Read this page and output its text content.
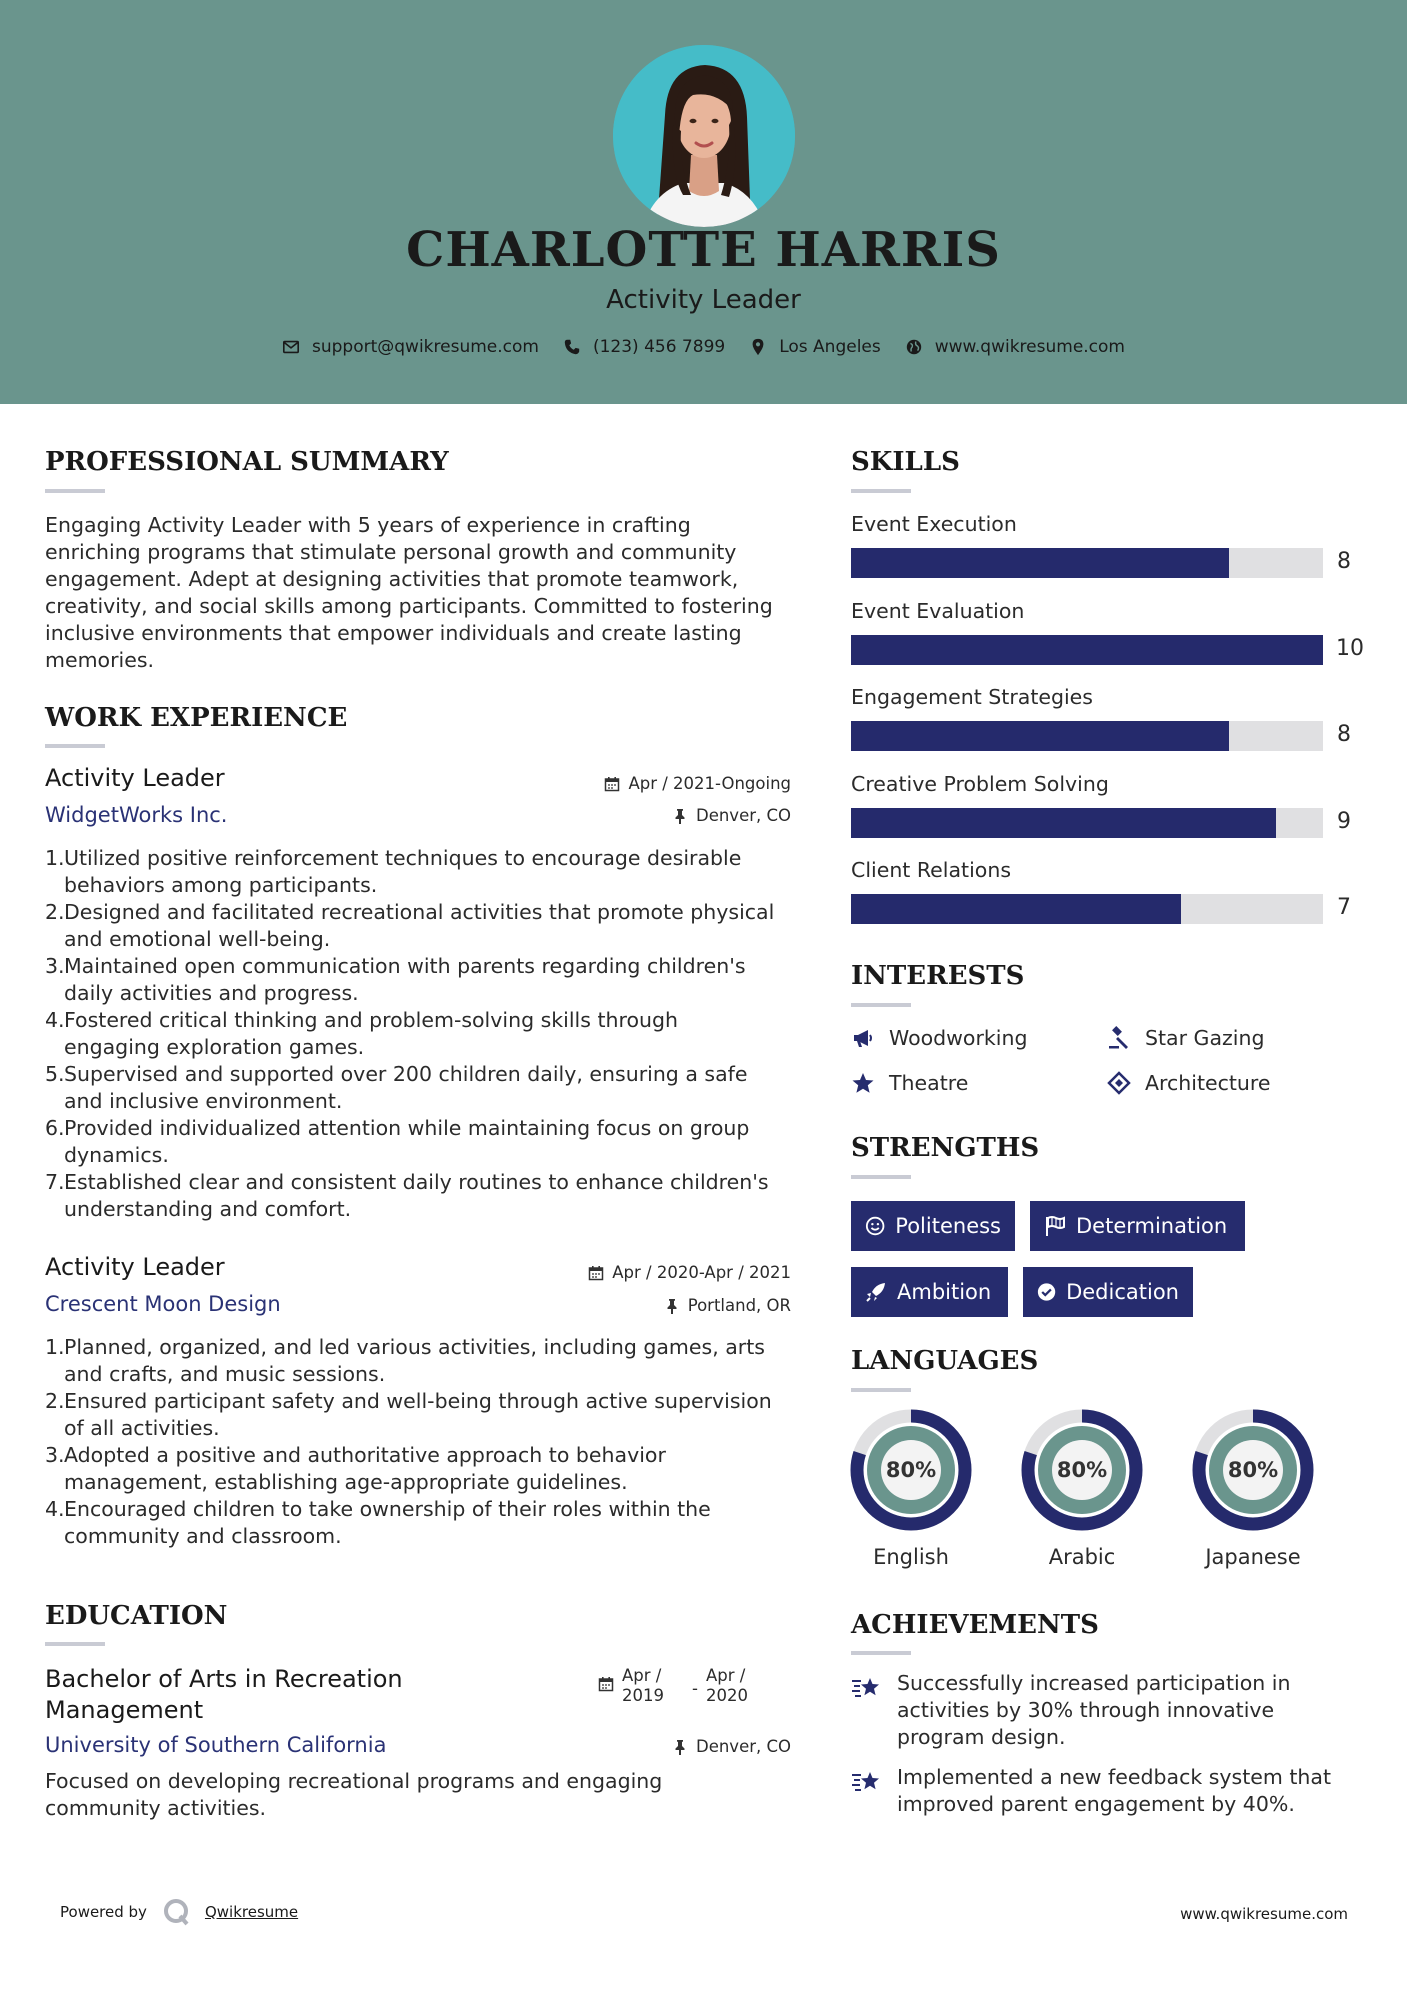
CHARLOTTE HARRIS
Activity Leader
support@qwikresume.com	(123) 456 7899	Los Angeles	www.qwikresume.com
PROFESSIONAL SUMMARY
Engaging Activity Leader with 5 years of experience in crafting
enriching programs that stimulate personal growth and community
engagement. Adept at designing activities that promote teamwork,
creativity, and social skills among participants. Committed to fostering
inclusive environments that empower individuals and create lasting
memories.
WORK EXPERIENCE
Activity Leader
WidgetWorks Inc.
Apr / 2021-Ongoing
Denver, CO
1. Utilized positive reinforcement techniques to encourage desirable
behaviors among participants.
2. Designed and facilitated recreational activities that promote physical
and emotional well-being.
3. Maintained open communication with parents regarding children's
daily activities and progress.
4. Fostered critical thinking and problem-solving skills through
engaging exploration games.
5. Supervised and supported over 200 children daily, ensuring a safe
and inclusive environment.
6. Provided individualized attention while maintaining focus on group
dynamics.
7. Established clear and consistent daily routines to enhance children's
understanding and comfort.
Activity Leader
Crescent Moon Design
Apr / 2020-Apr / 2021
Portland, OR
1. Planned, organized, and led various activities, including games, arts
and crafts, and music sessions.
2. Ensured participant safety and well-being through active supervision
of all activities.
3. Adopted a positive and authoritative approach to behavior
management, establishing age-appropriate guidelines.
4. Encouraged children to take ownership of their roles within the
community and classroom.
EDUCATION
Bachelor of Arts in Recreation
Management
University of Southern California
Apr /
2019 -
Apr /
2020
Denver, CO
Focused on developing recreational programs and engaging
community activities.
SKILLS
Event Execution
8
Event Evaluation
10
Engagement Strategies
8
Creative Problem Solving
9
Client Relations
7
INTERESTS
Woodworking	Star Gazing
Theatre	Architecture
STRENGTHS
Politeness	Determination
Ambition	Dedication
LANGUAGES
80%
English
80%
Arabic
80%
Japanese
ACHIEVEMENTS
Successfully increased participation in
activities by 30% through innovative
program design.
Implemented a new feedback system that
improved parent engagement by 40%.
Powered by	Qwikresume	www.qwikresume.com
